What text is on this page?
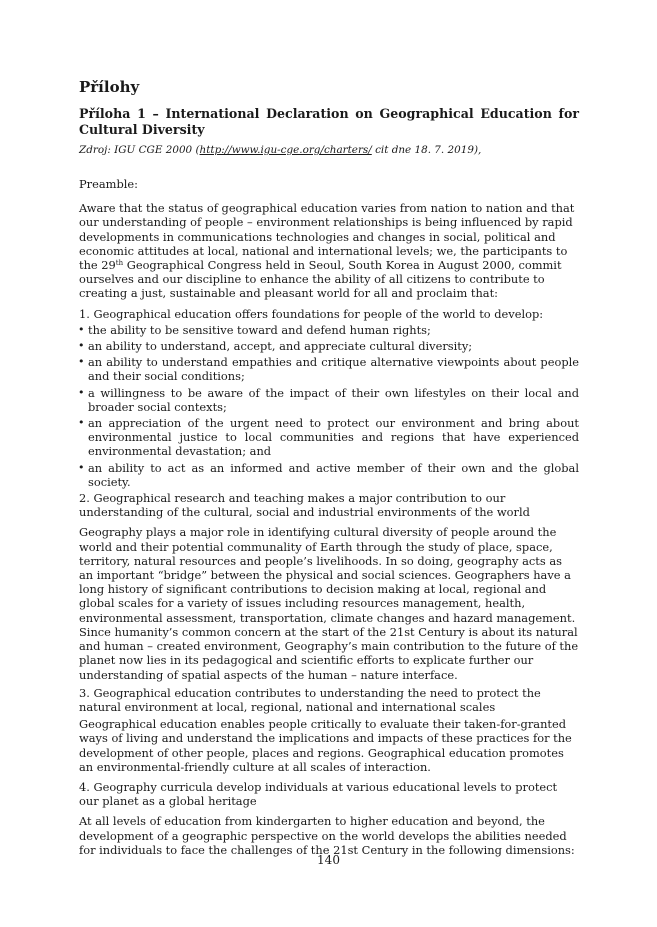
Přílohy
Příloha 1 – International Declaration on Geographical Education for Cultural Diversity

Zdroj: IGU CGE 2000 (http://www.igu-cge.org/charters/ cit dne 18. 7. 2019),

Preamble:

Aware that the status of geographical education varies from nation to nation and that our understanding of people – environment relationships is being influenced by rapid developments in communications technologies and changes in social, political and economic attitudes at local, national and international levels; we, the participants to the 29th Geographical Congress held in Seoul, South Korea in August 2000, commit ourselves and our discipline to enhance the ability of all citizens to contribute to creating a just, sustainable and pleasant world for all and proclaim that:

1. Geographical education offers foundations for people of the world to develop:

• the ability to be sensitive toward and defend human rights;
• an ability to understand, accept, and appreciate cultural diversity;
• an ability to understand empathies and critique alternative viewpoints about people and their social conditions;
• a willingness to be aware of the impact of their own lifestyles on their local and broader social contexts;
• an appreciation of the urgent need to protect our environment and bring about environmental justice to local communities and regions that have experienced environmental devastation; and
• an ability to act as an informed and active member of their own and the global society.

2. Geographical research and teaching makes a major contribution to our understanding of the cultural, social and industrial environments of the world

Geography plays a major role in identifying cultural diversity of people around the world and their potential communality of Earth through the study of place, space, territory, natural resources and people’s livelihoods. In so doing, geography acts as an important “bridge” between the physical and social sciences. Geographers have a long history of significant contributions to decision making at local, regional and global scales for a variety of issues including resources management, health, environmental assessment, transportation, climate changes and hazard management. Since humanity’s common concern at the start of the 21st Century is about its natural and human – created environment, Geography’s main contribution to the future of the planet now lies in its pedagogical and scientific efforts to explicate further our understanding of spatial aspects of the human – nature interface.

3. Geographical education contributes to understanding the need to protect the natural environment at local, regional, national and international scales

Geographical education enables people critically to evaluate their taken-for-granted ways of living and understand the implications and impacts of these practices for the development of other people, places and regions. Geographical education promotes an environmental-friendly culture at all scales of interaction.

4. Geography curricula develop individuals at various educational levels to protect our planet as a global heritage

At all levels of education from kindergarten to higher education and beyond, the development of a geographic perspective on the world develops the abilities needed for individuals to face the challenges of the 21st Century in the following dimensions:

140
